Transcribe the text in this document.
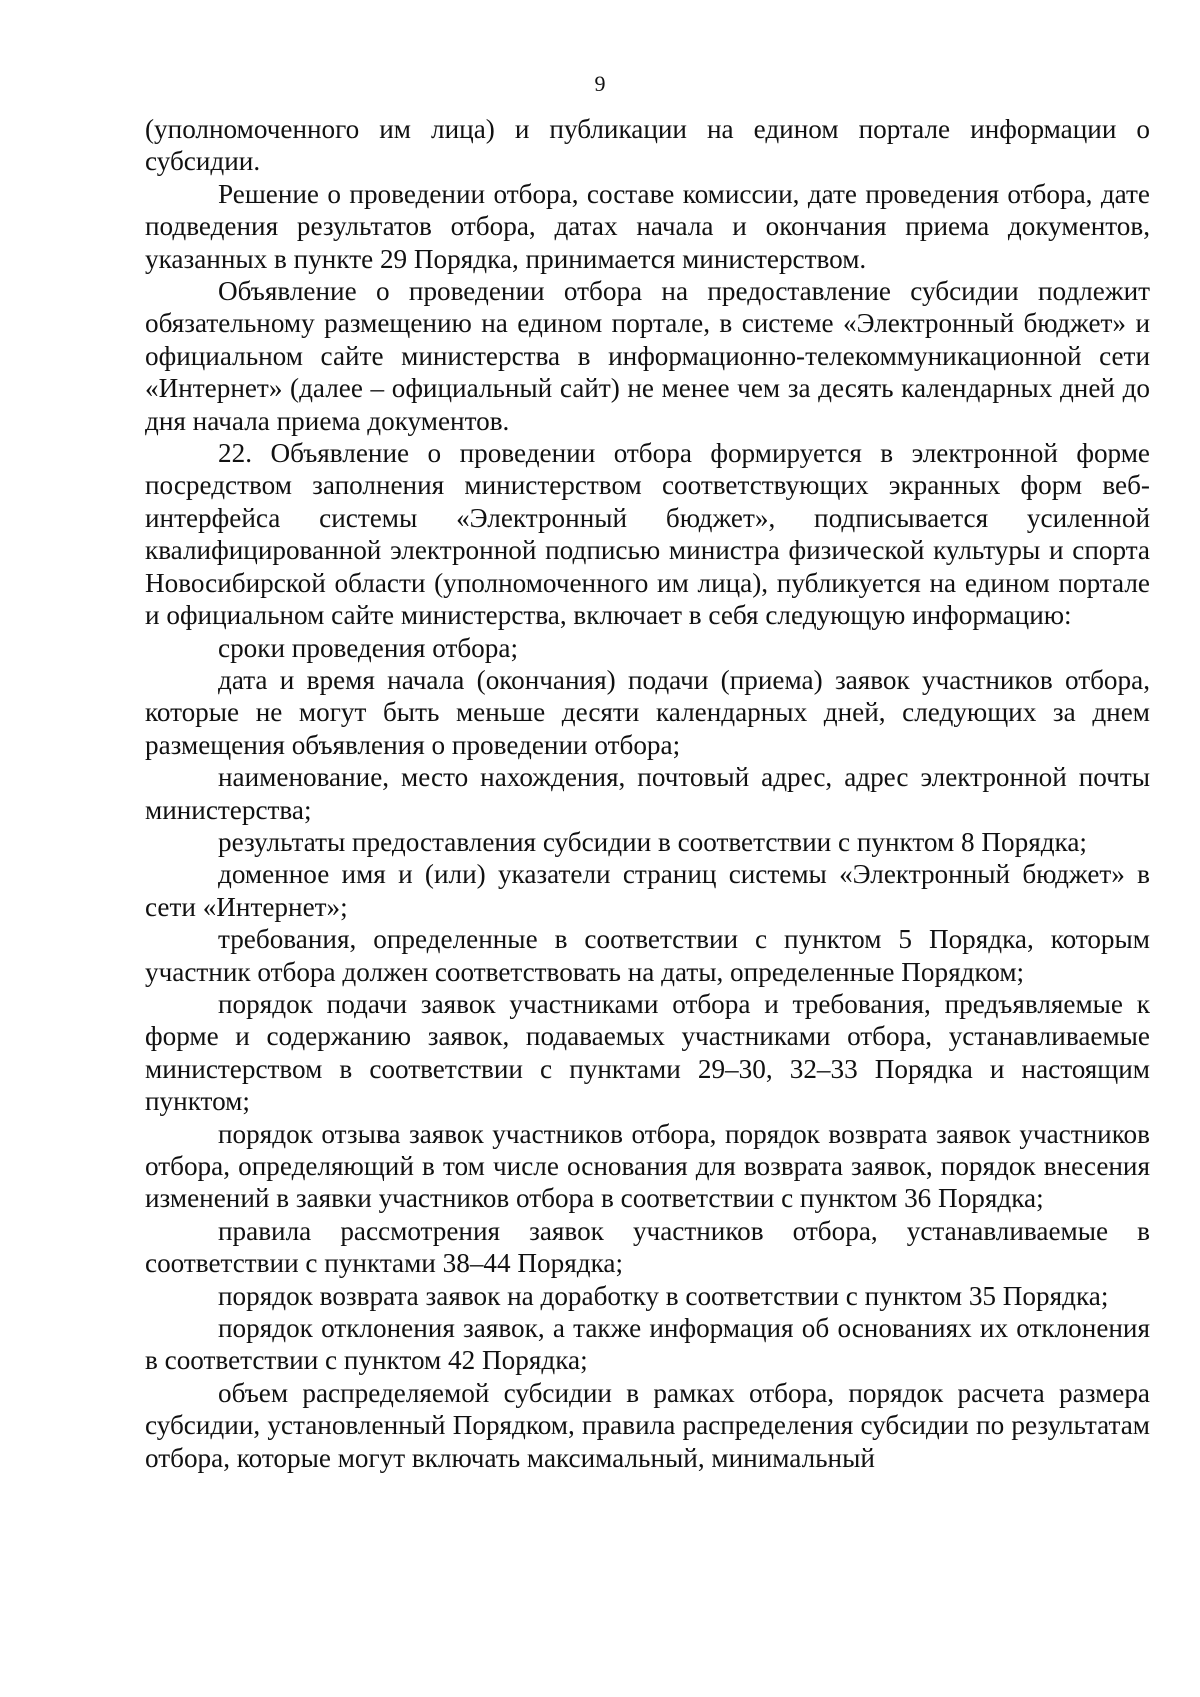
9

(уполномоченного им лица) и публикации на едином портале информации о субсидии.

Решение о проведении отбора, составе комиссии, дате проведения отбора, дате подведения результатов отбора, датах начала и окончания приема документов, указанных в пункте 29 Порядка, принимается министерством.

Объявление о проведении отбора на предоставление субсидии подлежит обязательному размещению на едином портале, в системе «Электронный бюджет» и официальном сайте министерства в информационно-телекоммуникационной сети «Интернет» (далее – официальный сайт) не менее чем за десять календарных дней до дня начала приема документов.

22. Объявление о проведении отбора формируется в электронной форме посредством заполнения министерством соответствующих экранных форм веб-интерфейса системы «Электронный бюджет», подписывается усиленной квалифицированной электронной подписью министра физической культуры и спорта Новосибирской области (уполномоченного им лица), публикуется на едином портале и официальном сайте министерства, включает в себя следующую информацию:

сроки проведения отбора;

дата и время начала (окончания) подачи (приема) заявок участников отбора, которые не могут быть меньше десяти календарных дней, следующих за днем размещения объявления о проведении отбора;

наименование, место нахождения, почтовый адрес, адрес электронной почты министерства;

результаты предоставления субсидии в соответствии с пунктом 8 Порядка;

доменное имя и (или) указатели страниц системы «Электронный бюджет» в сети «Интернет»;

требования, определенные в соответствии с пунктом 5 Порядка, которым участник отбора должен соответствовать на даты, определенные Порядком;

порядок подачи заявок участниками отбора и требования, предъявляемые к форме и содержанию заявок, подаваемых участниками отбора, устанавливаемые министерством в соответствии с пунктами 29–30, 32–33 Порядка и настоящим пунктом;

порядок отзыва заявок участников отбора, порядок возврата заявок участников отбора, определяющий в том числе основания для возврата заявок, порядок внесения изменений в заявки участников отбора в соответствии с пунктом 36 Порядка;

правила рассмотрения заявок участников отбора, устанавливаемые в соответствии с пунктами 38–44 Порядка;

порядок возврата заявок на доработку в соответствии с пунктом 35 Порядка;

порядок отклонения заявок, а также информация об основаниях их отклонения в соответствии с пунктом 42 Порядка;

объем распределяемой субсидии в рамках отбора, порядок расчета размера субсидии, установленный Порядком, правила распределения субсидии по результатам отбора, которые могут включать максимальный, минимальный
